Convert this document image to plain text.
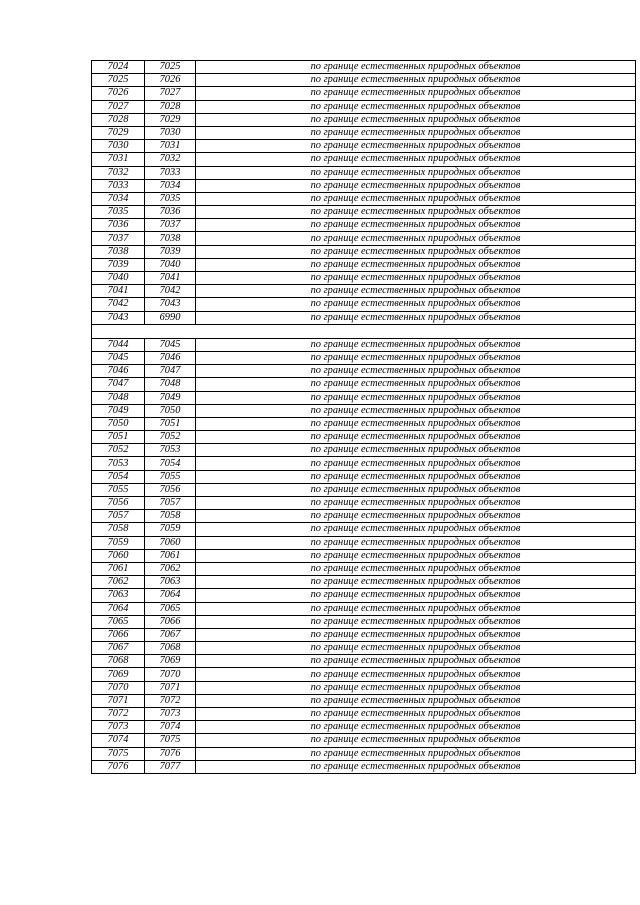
7024	7025	по границе естественных природных объектов
7025	7026	по границе естественных природных объектов
7026	7027	по границе естественных природных объектов
7027	7028	по границе естественных природных объектов
7028	7029	по границе естественных природных объектов
7029	7030	по границе естественных природных объектов
7030	7031	по границе естественных природных объектов
7031	7032	по границе естественных природных объектов
7032	7033	по границе естественных природных объектов
7033	7034	по границе естественных природных объектов
7034	7035	по границе естественных природных объектов
7035	7036	по границе естественных природных объектов
7036	7037	по границе естественных природных объектов
7037	7038	по границе естественных природных объектов
7038	7039	по границе естественных природных объектов
7039	7040	по границе естественных природных объектов
7040	7041	по границе естественных природных объектов
7041	7042	по границе естественных природных объектов
7042	7043	по границе естественных природных объектов
7043	6990	по границе естественных природных объектов

7044	7045	по границе естественных природных объектов
7045	7046	по границе естественных природных объектов
7046	7047	по границе естественных природных объектов
7047	7048	по границе естественных природных объектов
7048	7049	по границе естественных природных объектов
7049	7050	по границе естественных природных объектов
7050	7051	по границе естественных природных объектов
7051	7052	по границе естественных природных объектов
7052	7053	по границе естественных природных объектов
7053	7054	по границе естественных природных объектов
7054	7055	по границе естественных природных объектов
7055	7056	по границе естественных природных объектов
7056	7057	по границе естественных природных объектов
7057	7058	по границе естественных природных объектов
7058	7059	по границе естественных природных объектов
7059	7060	по границе естественных природных объектов
7060	7061	по границе естественных природных объектов
7061	7062	по границе естественных природных объектов
7062	7063	по границе естественных природных объектов
7063	7064	по границе естественных природных объектов
7064	7065	по границе естественных природных объектов
7065	7066	по границе естественных природных объектов
7066	7067	по границе естественных природных объектов
7067	7068	по границе естественных природных объектов
7068	7069	по границе естественных природных объектов
7069	7070	по границе естественных природных объектов
7070	7071	по границе естественных природных объектов
7071	7072	по границе естественных природных объектов
7072	7073	по границе естественных природных объектов
7073	7074	по границе естественных природных объектов
7074	7075	по границе естественных природных объектов
7075	7076	по границе естественных природных объектов
7076	7077	по границе естественных природных объектов
